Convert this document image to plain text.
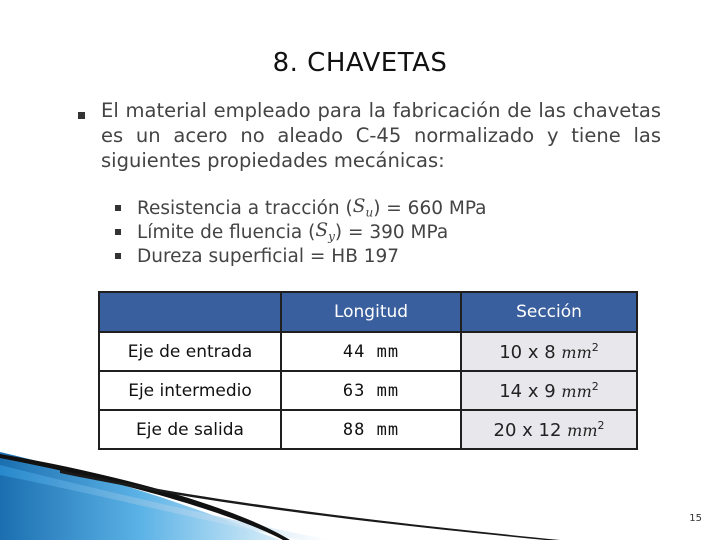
8. CHAVETAS
El material empleado para la fabricación de las chavetas es un acero no aleado C-45 normalizado y tiene las siguientes propiedades mecánicas:
Resistencia a tracción ( $S_u$ ) = 660 MPa
Límite de fluencia ( $S_y$ ) = 390 MPa
Dureza superficial
= HB 197
	Longitud	Sección
Eje de entrada	44 mm	10 x 8 $mm^2$
Eje intermedio	63 mm	14 x 9 $mm^2$
Eje de salida	88 mm	20 x 12 $mm^2$
15
